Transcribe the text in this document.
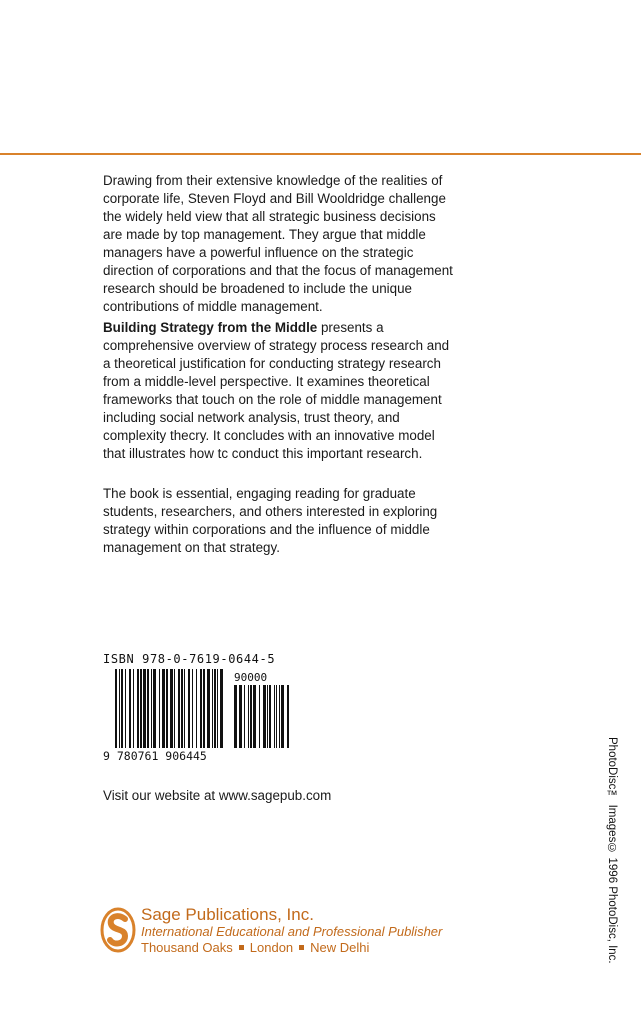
Drawing from their extensive knowledge of the realities of corporate life, Steven Floyd and Bill Wooldridge challenge the widely held view that all strategic business decisions are made by top management. They argue that middle managers have a powerful influence on the strategic direction of corporations and that the focus of management research should be broadened to include the unique contributions of middle management.

Building Strategy from the Middle presents a comprehensive overview of strategy process research and a theoretical justification for conducting strategy research from a middle-level perspective. It examines theoretical frameworks that touch on the role of middle management including social network analysis, trust theory, and complexity thecry. It concludes with an innovative model that illustrates how tc conduct this important research.

The book is essential, engaging reading for graduate students, researchers, and others interested in exploring strategy within corporations and the influence of middle management on that strategy.

ISBN 978-0-7619-0644-5
90000
9 780761 906445
Visit our website at www.sagepub.com	PhotoDisc™ Images© 1996 PhotoDisc, Inc.
Sage Publications, Inc.
International Educational and Professional Publisher
Thousand Oaks London New Delhi
